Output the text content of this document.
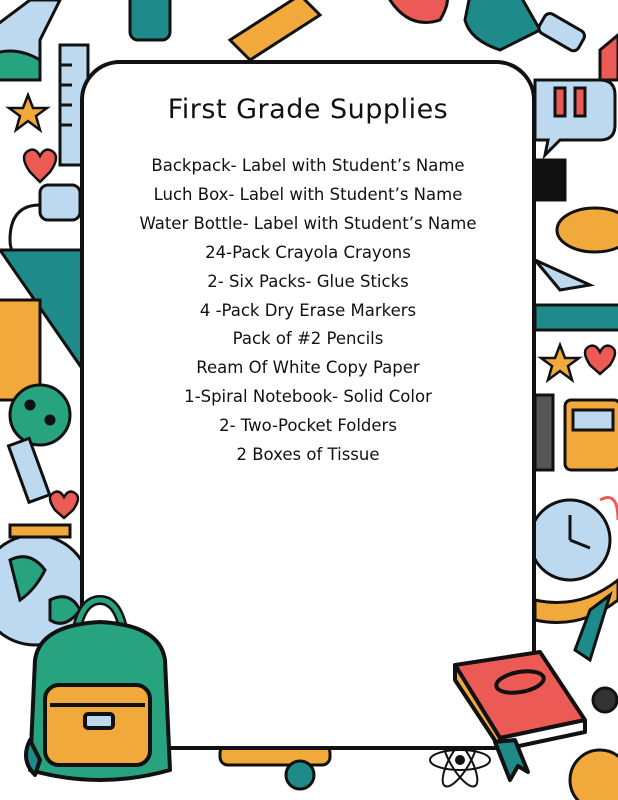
First Grade Supplies
Backpack- Label with Student’s Name
Luch Box- Label with Student’s Name
Water Bottle- Label with Student’s Name
24-Pack Crayola Crayons
2- Six Packs- Glue Sticks
4 -Pack Dry Erase Markers
Pack of #2 Pencils
Ream Of White Copy Paper
1-Spiral Notebook- Solid Color
2- Two-Pocket Folders
2 Boxes of Tissue
